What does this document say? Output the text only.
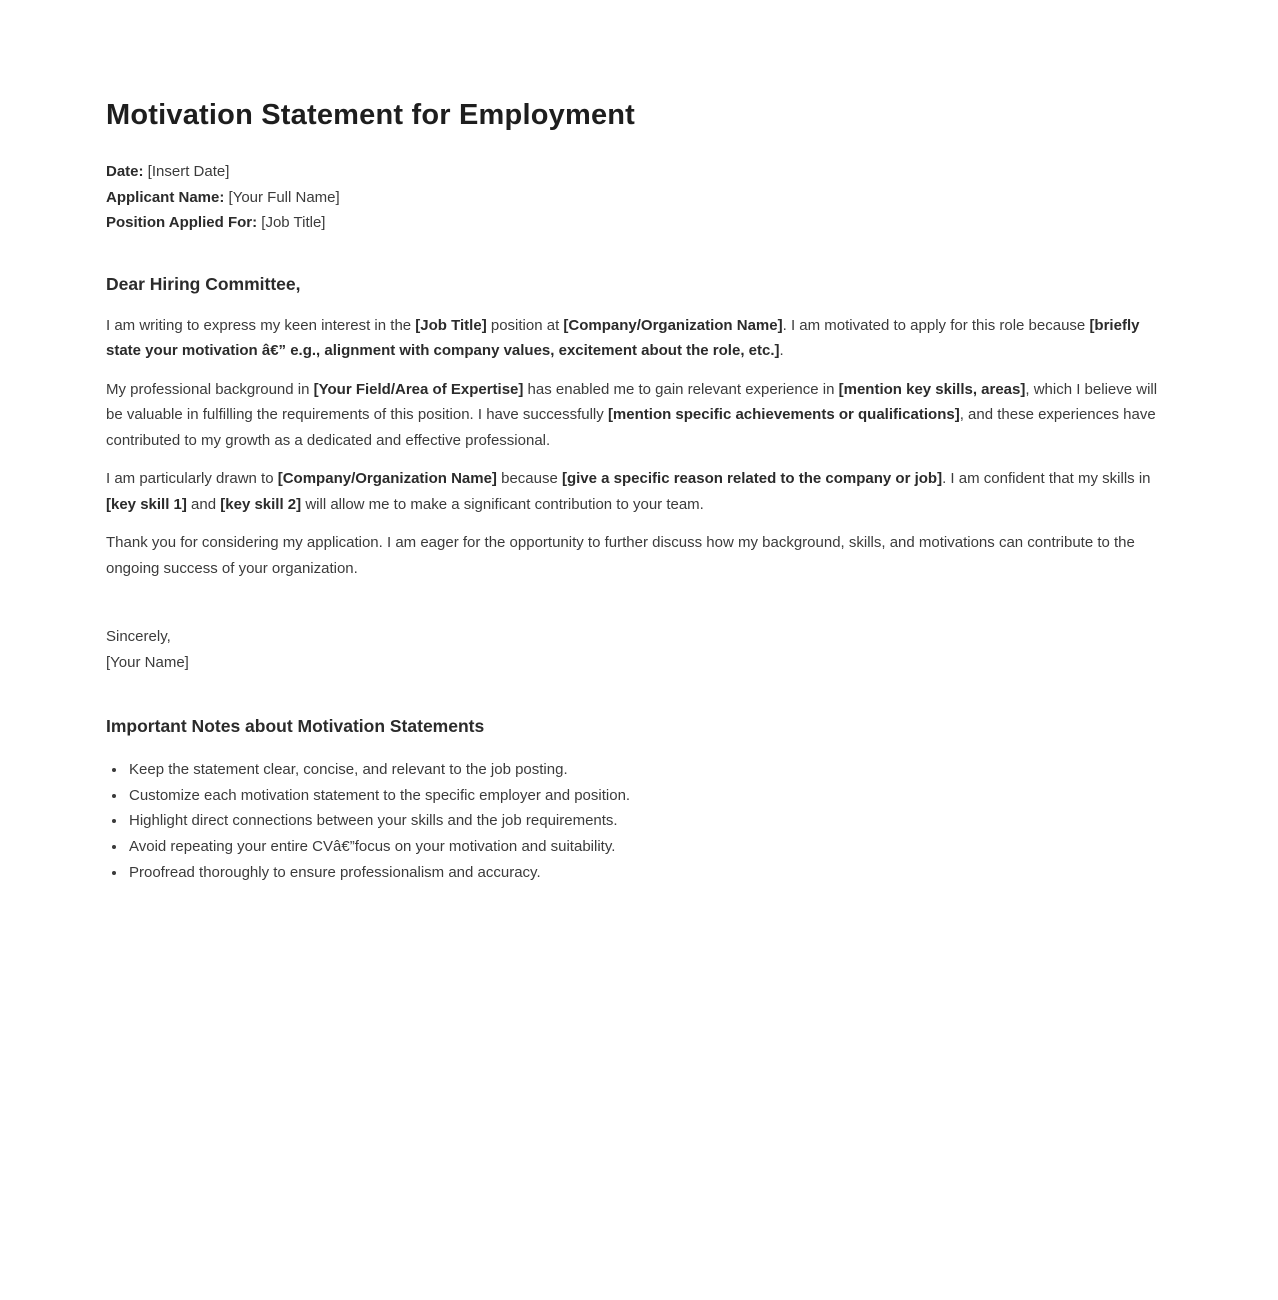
Motivation Statement for Employment

Date: [Insert Date]

Applicant Name: [Your Full Name]

Position Applied For: [Job Title]

Dear Hiring Committee,

I am writing to express my keen interest in the [Job Title] position at [Company/Organization Name]. I am motivated to apply for this role because [briefly state your motivation â€” e.g., alignment with company values, excitement about the role, etc.].

My professional background in [Your Field/Area of Expertise] has enabled me to gain relevant experience in [mention key skills, areas], which I believe will be valuable in fulfilling the requirements of this position. I have successfully [mention specific achievements or qualifications], and these experiences have contributed to my growth as a dedicated and effective professional.

I am particularly drawn to [Company/Organization Name] because [give a specific reason related to the company or job]. I am confident that my skills in [key skill 1] and [key skill 2] will allow me to make a significant contribution to your team.

Thank you for considering my application. I am eager for the opportunity to further discuss how my background, skills, and motivations can contribute to the ongoing success of your organization.

Sincerely,
[Your Name]
Important Notes about Motivation Statements
• Keep the statement clear, concise, and relevant to the job posting.
• Customize each motivation statement to the specific employer and position.
• Highlight direct connections between your skills and the job requirements.
• Avoid repeating your entire CVâ€”focus on your motivation and suitability.
• Proofread thoroughly to ensure professionalism and accuracy.
